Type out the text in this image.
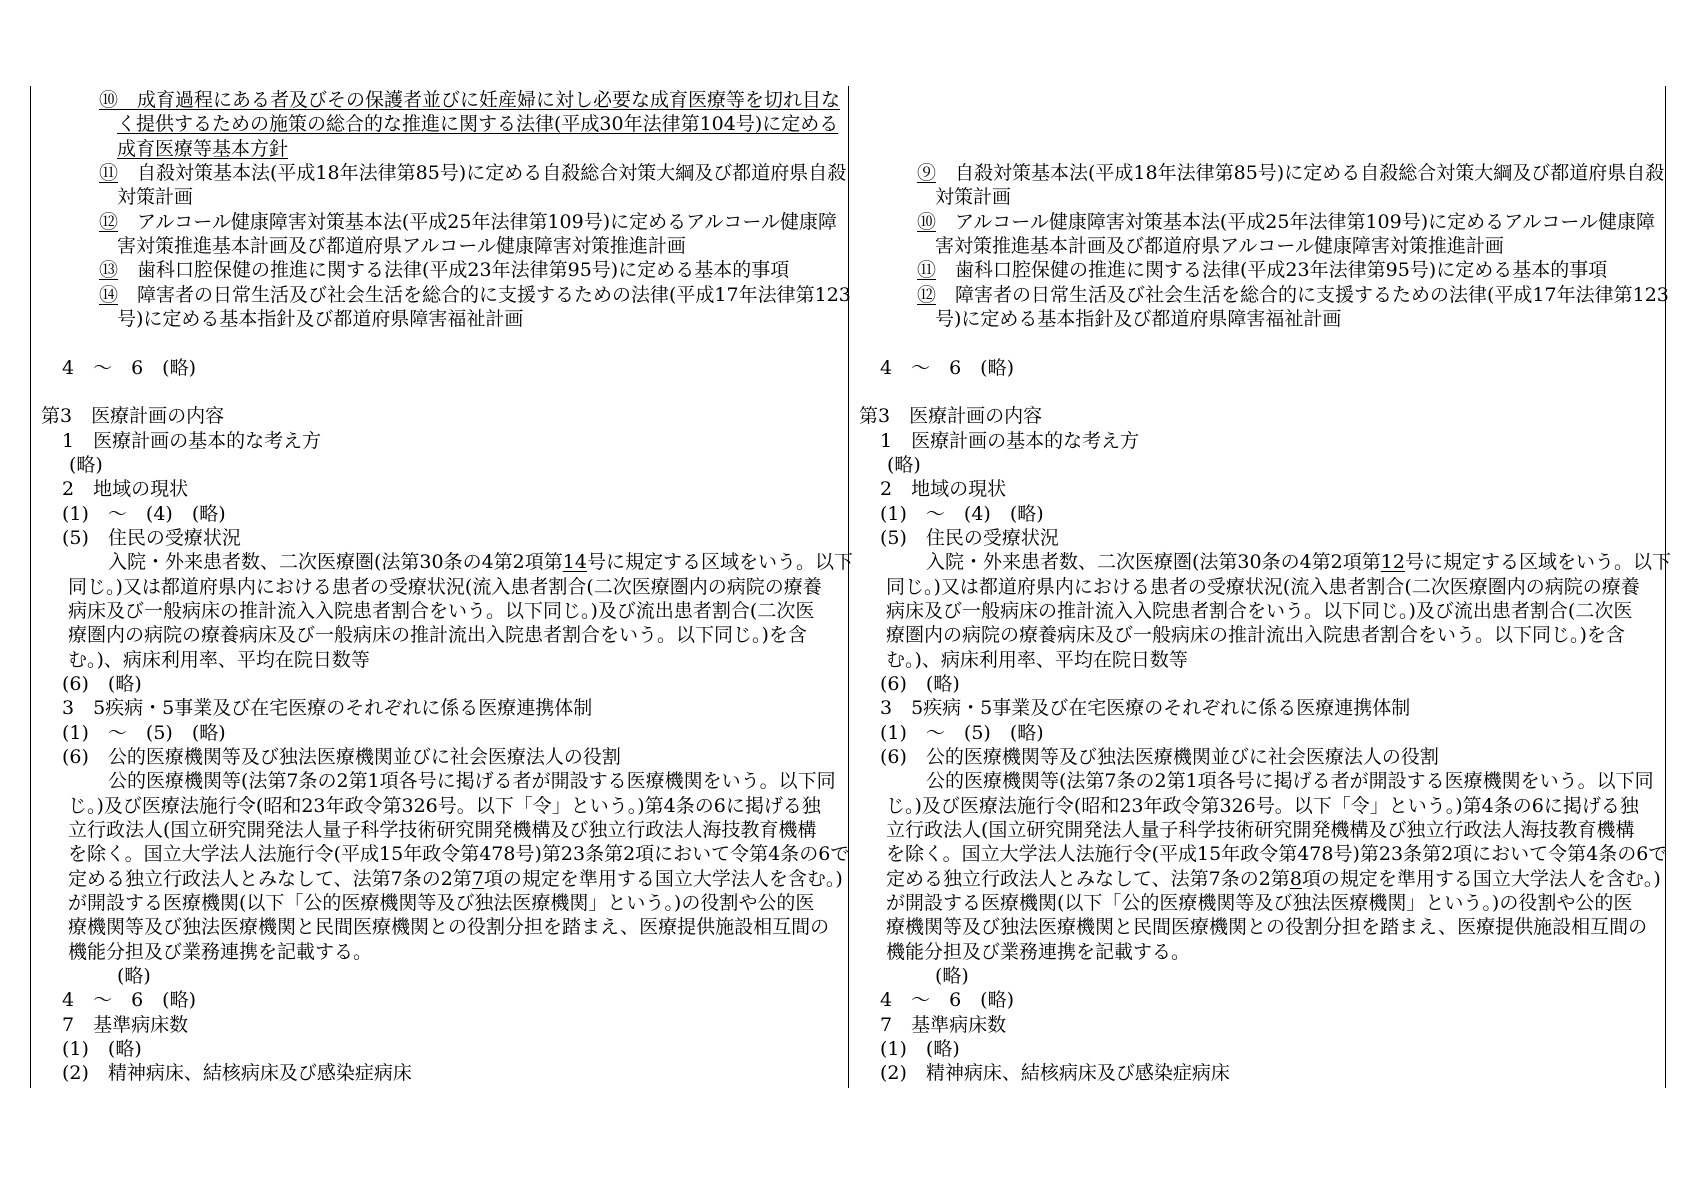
⑩　成育過程にある者及びその保護者並びに妊産婦に対し必要な成育医療等を切れ目な
く提供するための施策の総合的な推進に関する法律(平成30年法律第104号)に定める
成育医療等基本方針
⑪　自殺対策基本法(平成18年法律第85号)に定める自殺総合対策大綱及び都道府県自殺
対策計画
⑫　アルコール健康障害対策基本法(平成25年法律第109号)に定めるアルコール健康障
害対策推進基本計画及び都道府県アルコール健康障害対策推進計画
⑬　歯科口腔保健の推進に関する法律(平成23年法律第95号)に定める基本的事項
⑭　障害者の日常生活及び社会生活を総合的に支援するための法律(平成17年法律第123
号)に定める基本指針及び都道府県障害福祉計画
4　～　6　(略)
第3　医療計画の内容
1　医療計画の基本的な考え方
(略)
2　地域の現状
(1)　～　(4)　(略)
(5)　住民の受療状況
入院・外来患者数、二次医療圏(法第30条の4第2項第14号に規定する区域をいう。以下
同じ。)又は都道府県内における患者の受療状況(流入患者割合(二次医療圏内の病院の療養
病床及び一般病床の推計流入入院患者割合をいう。以下同じ。)及び流出患者割合(二次医
療圏内の病院の療養病床及び一般病床の推計流出入院患者割合をいう。以下同じ。)を含
む。)、病床利用率、平均在院日数等
(6)　(略)
3　5疾病・5事業及び在宅医療のそれぞれに係る医療連携体制
(1)　～　(5)　(略)
(6)　公的医療機関等及び独法医療機関並びに社会医療法人の役割
公的医療機関等(法第7条の2第1項各号に掲げる者が開設する医療機関をいう。以下同
じ。)及び医療法施行令(昭和23年政令第326号。以下「令」という。)第4条の6に掲げる独
立行政法人(国立研究開発法人量子科学技術研究開発機構及び独立行政法人海技教育機構
を除く。国立大学法人法施行令(平成15年政令第478号)第23条第2項において令第4条の6で
定める独立行政法人とみなして、法第7条の2第7項の規定を準用する国立大学法人を含む。)
が開設する医療機関(以下「公的医療機関等及び独法医療機関」という。)の役割や公的医
療機関等及び独法医療機関と民間医療機関との役割分担を踏まえ、医療提供施設相互間の
機能分担及び業務連携を記載する。
(略)
4　～　6　(略)
7　基準病床数
(1)　(略)
(2)　精神病床、結核病床及び感染症病床
⑨　自殺対策基本法(平成18年法律第85号)に定める自殺総合対策大綱及び都道府県自殺
対策計画
⑩　アルコール健康障害対策基本法(平成25年法律第109号)に定めるアルコール健康障
害対策推進基本計画及び都道府県アルコール健康障害対策推進計画
⑪　歯科口腔保健の推進に関する法律(平成23年法律第95号)に定める基本的事項
⑫　障害者の日常生活及び社会生活を総合的に支援するための法律(平成17年法律第123
号)に定める基本指針及び都道府県障害福祉計画
4　～　6　(略)
第3　医療計画の内容
1　医療計画の基本的な考え方
(略)
2　地域の現状
(1)　～　(4)　(略)
(5)　住民の受療状況
入院・外来患者数、二次医療圏(法第30条の4第2項第12号に規定する区域をいう。以下
同じ。)又は都道府県内における患者の受療状況(流入患者割合(二次医療圏内の病院の療養
病床及び一般病床の推計流入入院患者割合をいう。以下同じ。)及び流出患者割合(二次医
療圏内の病院の療養病床及び一般病床の推計流出入院患者割合をいう。以下同じ。)を含
む。)、病床利用率、平均在院日数等
(6)　(略)
3　5疾病・5事業及び在宅医療のそれぞれに係る医療連携体制
(1)　～　(5)　(略)
(6)　公的医療機関等及び独法医療機関並びに社会医療法人の役割
公的医療機関等(法第7条の2第1項各号に掲げる者が開設する医療機関をいう。以下同
じ。)及び医療法施行令(昭和23年政令第326号。以下「令」という。)第4条の6に掲げる独
立行政法人(国立研究開発法人量子科学技術研究開発機構及び独立行政法人海技教育機構
を除く。国立大学法人法施行令(平成15年政令第478号)第23条第2項において令第4条の6で
定める独立行政法人とみなして、法第7条の2第8項の規定を準用する国立大学法人を含む。)
が開設する医療機関(以下「公的医療機関等及び独法医療機関」という。)の役割や公的医
療機関等及び独法医療機関と民間医療機関との役割分担を踏まえ、医療提供施設相互間の
機能分担及び業務連携を記載する。
(略)
4　～　6　(略)
7　基準病床数
(1)　(略)
(2)　精神病床、結核病床及び感染症病床
